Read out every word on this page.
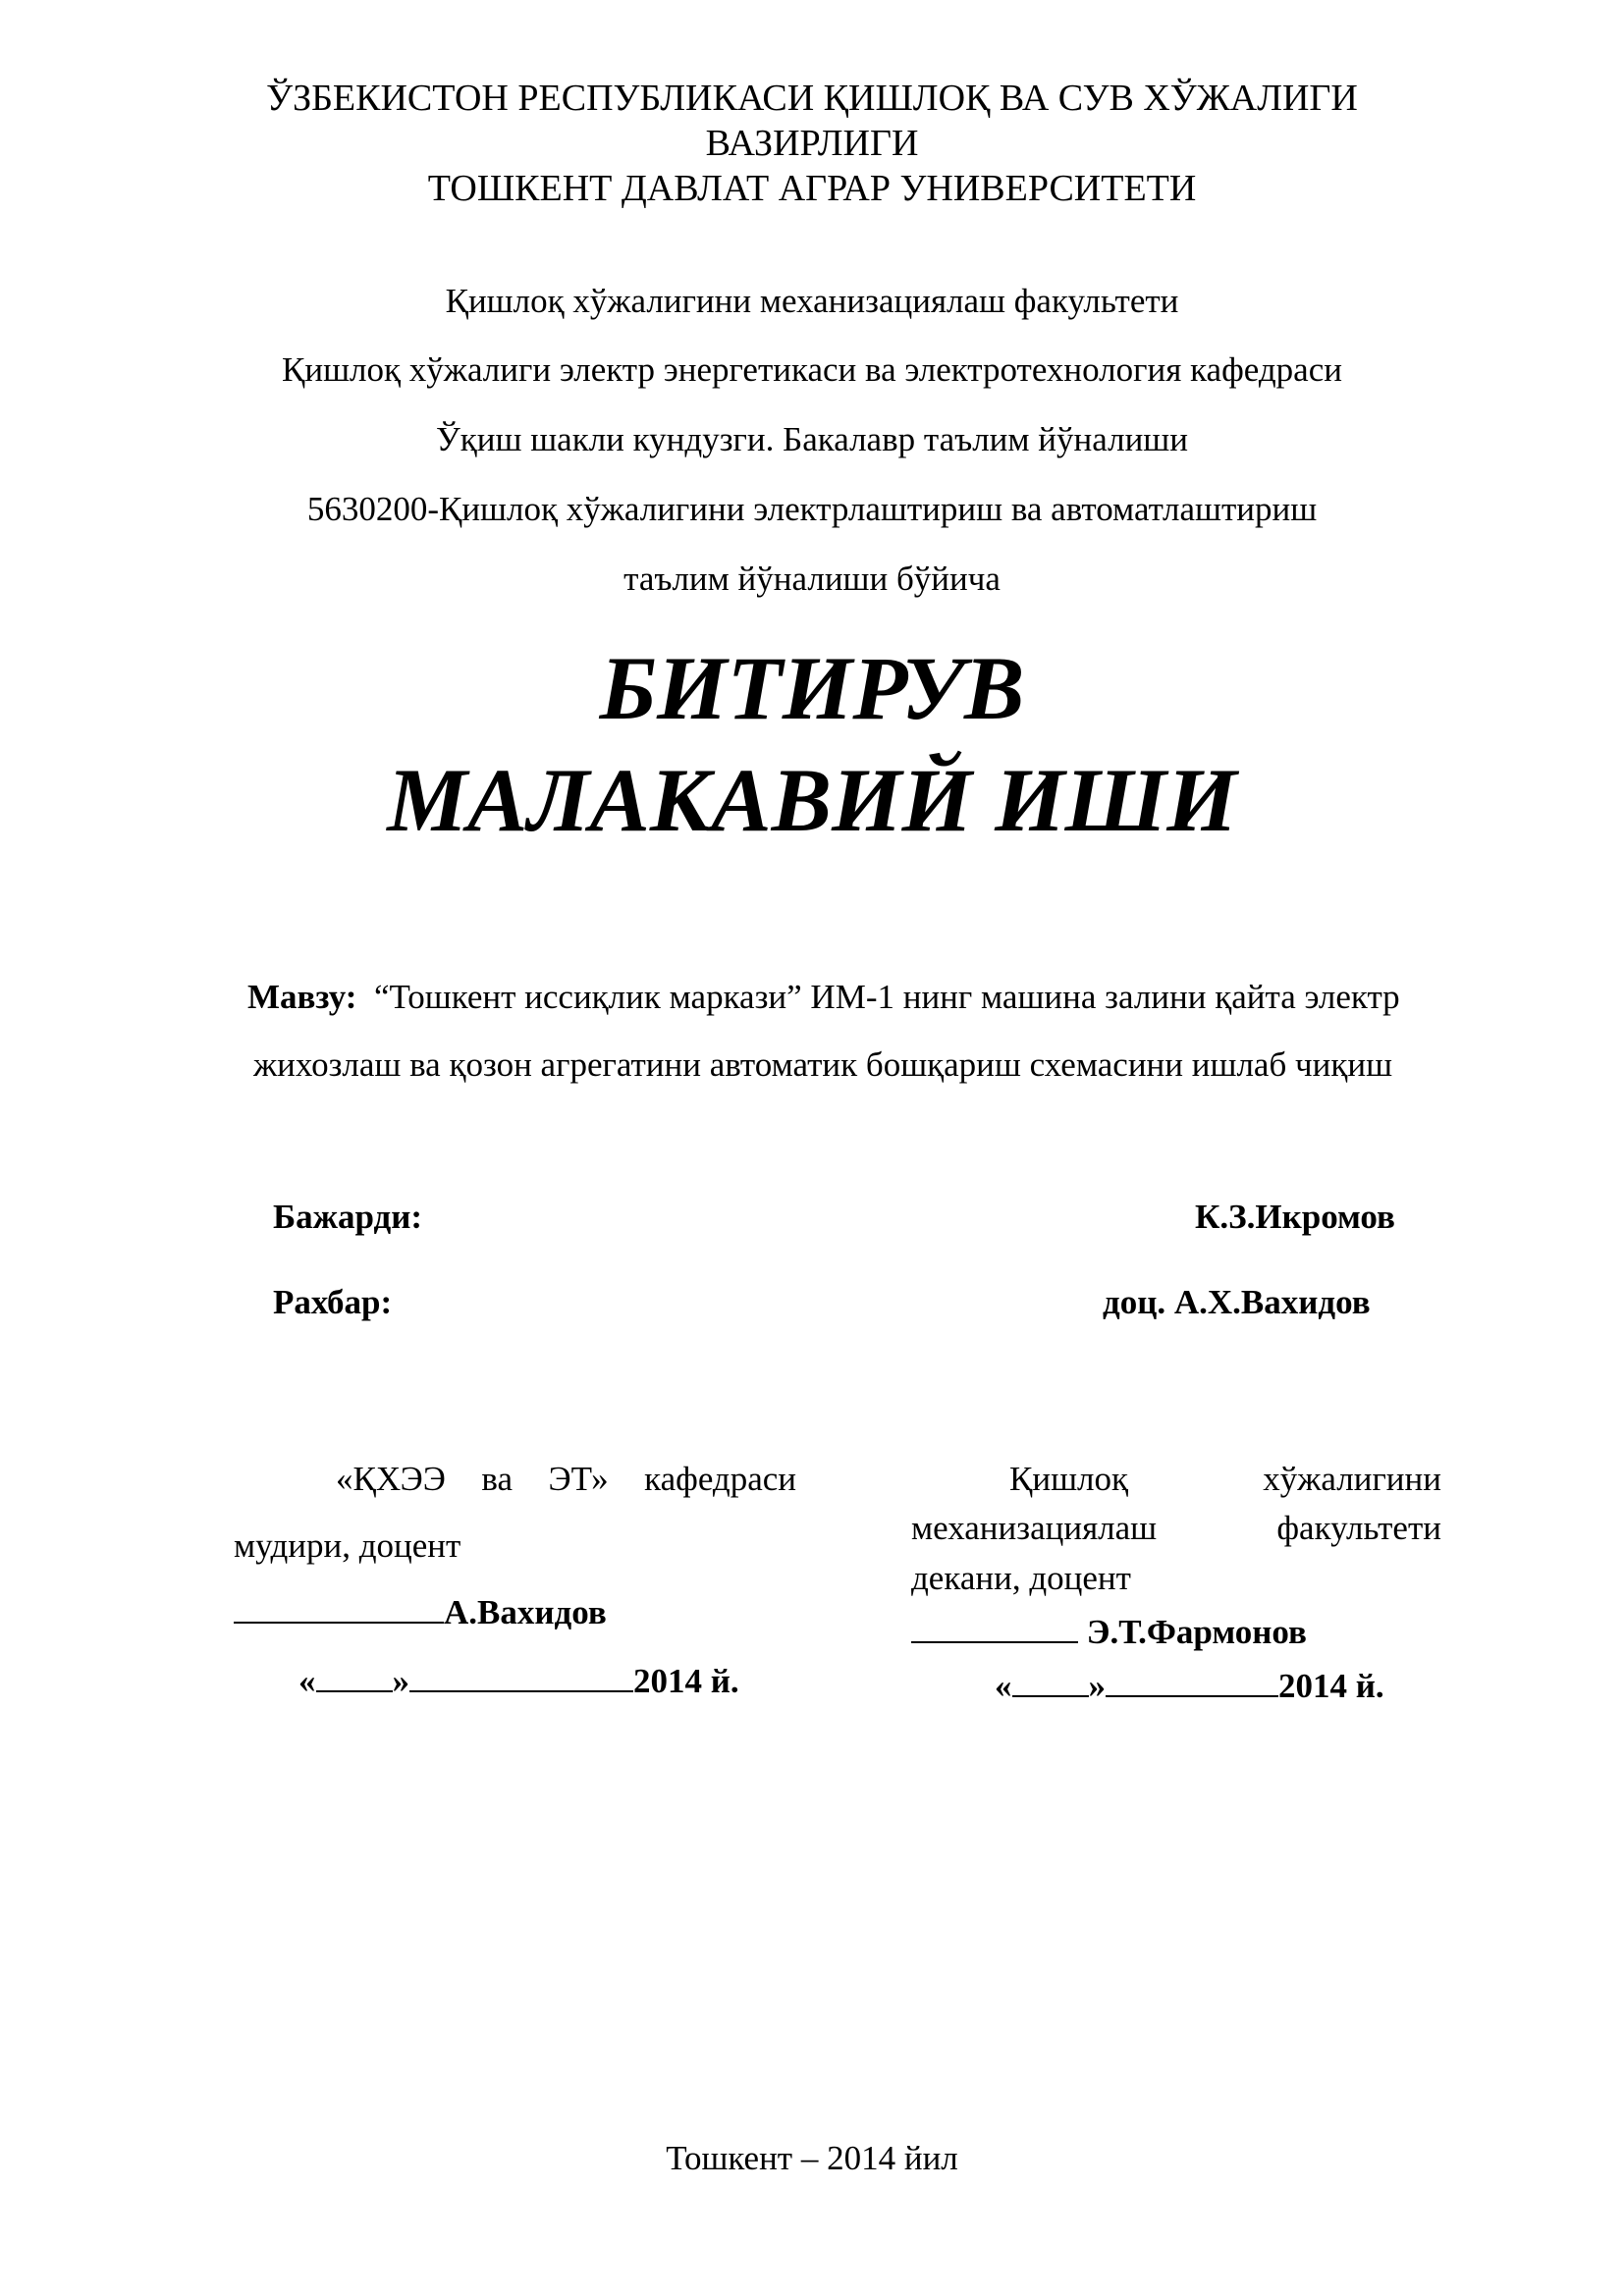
ЎЗБЕКИСТОН РЕСПУБЛИКАСИ ҚИШЛОҚ ВА СУВ ХЎЖАЛИГИ
ВАЗИРЛИГИ
ТОШКЕНТ ДАВЛАТ АГРАР УНИВЕРСИТЕТИ
Қишлоқ хўжалигини механизациялаш факультети
Қишлоқ хўжалиги электр энергетикаси ва электротехнология кафедраси
Ўқиш шакли кундузги. Бакалавр таълим йўналиши
5630200-Қишлоқ хўжалигини электрлаштириш ва автоматлаштириш
таълим йўналиши бўйича
БИТИРУВ
МАЛАКАВИЙ ИШИ
Мавзу: “Тошкент иссиқлик маркази” ИМ-1 нинг машина залини қайта электр
жихозлаш ва қозон агрегатини автоматик бошқариш схемасини ишлаб чиқиш
Бажарди:	К.З.Икромов
Рахбар:	доц. А.Х.Вахидов
«ҚХЭЭ ва ЭТ» кафедраси
мудири, доцент
А.Вахидов
« »	2014 й.
Қишлоқ	хўжалигини
механизациялаш	факультети
декани, доцент
Э.Т.Фармонов
« »	2014 й.
Тошкент – 2014 йил
